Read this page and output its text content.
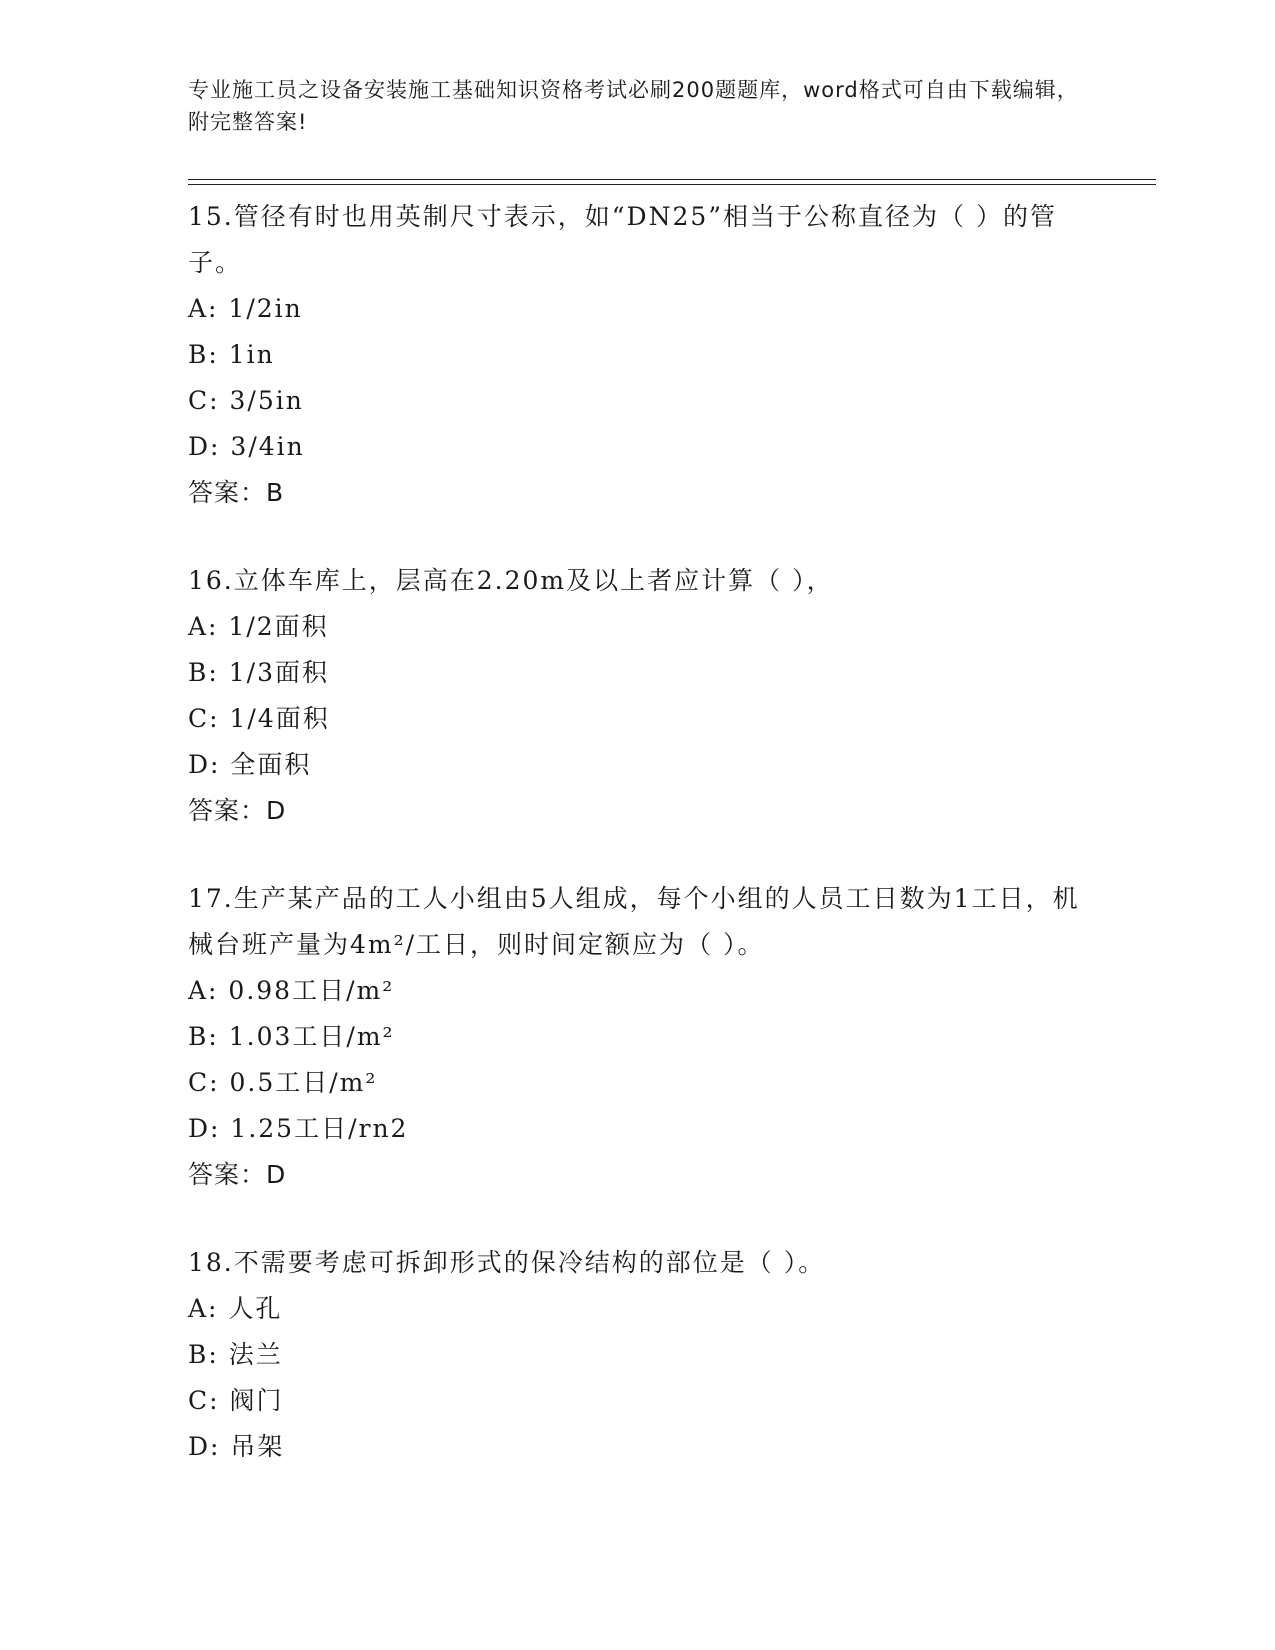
专业施工员之设备安装施工基础知识资格考试必刷200题题库，word格式可自由下载编辑，附完整答案!
15.管径有时也用英制尺寸表示，如“DN25”相当于公称直径为（ ）的管子。
A: 1/2in
B: 1in
C: 3/5in
D: 3/4in
答案：B
16.立体车库上，层高在2.20m及以上者应计算（ ），
A: 1/2面积
B: 1/3面积
C: 1/4面积
D: 全面积
答案：D
17.生产某产品的工人小组由5人组成，每个小组的人员工日数为1工日，机械台班产量为4m²/工日，则时间定额应为（ ）。
A: 0.98工日/m²
B: 1.03工日/m²
C: 0.5工日/m²
D: 1.25工日/rn2
答案：D
18.不需要考虑可拆卸形式的保冷结构的部位是（ ）。
A: 人孔
B: 法兰
C: 阀门
D: 吊架
